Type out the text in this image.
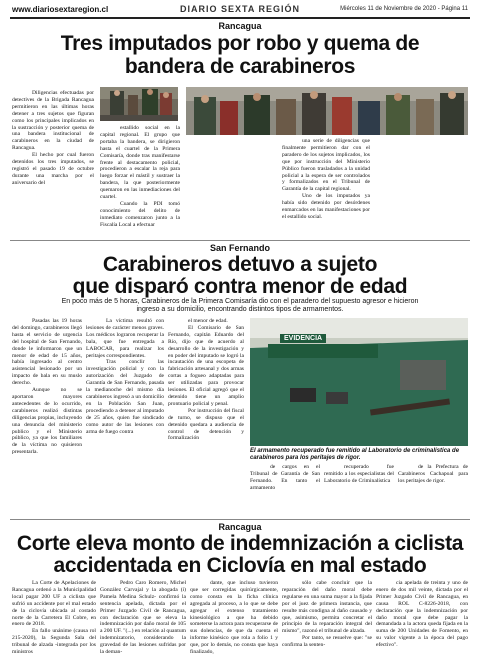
www.diariosextaregion.cl	DIARIO SEXTA REGIÓN	Miércoles 11 de Noviembre de 2020 - Página 11
Rancagua
Tres imputados por robo y quema de
bandera de carabineros

Diligencias efectuadas por detectives de la Brigada Rancagua permitieron en las últimas horas detener a tres sujetos que figuran como los principales implicados en la sustracción y posterior quema de una bandera institucional de carabineros en la ciudad de Rancagua.

El hecho por cual fueron detenidos los tres imputados, se registró el pasado 19 de octubre durante una marcha por el aniversario del

estallido social en la capital regional. El grupo que portaba la bandera, se dirigieron hasta el cuartel de la Primera Comisaría, donde tras manifestarse frente al destacamento policial, procedieron a escalar la reja para luego forzar el mástil y sustraer la bandera, la que posteriormente quemaron en las inmediaciones del cuartel.

Cuando la PDI tomó conocimiento del delito de inmediato comenzaron junto a la Fiscalía Local a efectuar

una serie de diligencias que finalmente permitieron dar con el paradero de los sujetos implicados, los que por instrucción del Ministerio Público fueron trasladados a la unidad policial a la espera de ser controlados y formalizados en el Tribunal de Garantía de la capital regional.

Uno de los imputados ya había sido detenido por desórdenes enmarcados en las manifestaciones por el estallido social.

San Fernando
Carabineros detuvo a sujeto
que disparó contra menor de edad
En poco más de 5 horas, Carabineros de la Primera Comisaría dio con el paradero del supuesto agresor e hicieron ingreso a su domicilio, encontrando distintos tipos de armamentos.

Pasadas las 19 horas del domingo, carabineros llegó hasta el servicio de urgencia del hospital de San Fernando, donde le informaron que un menor de edad de 15 años, había ingresado al centro asistencial lesionado por un impacto de bala en su muslo derecho.

Aunque no se aportaron mayores antecedentes de lo ocurrido, carabineros realizó distintas diligencias propias, incluyendo una denuncia del ministerio publico y el Ministerio público, ya que los familiares de la víctima no quisieron presentarla.

La víctima resultó con lesiones de carácter menos graves. Los médicos lograron recuperar la bala, que fue entregada a LABOCAR, para realizar los peritajes correspondientes.

Tras conclir las investigación policial y con la autorización del Juzgado de Garantía de San Fernando, pasada la medianoche del mismo día carabineros ingresó a un domicilio en la Población San Juan, procediendo a detener al imputado de 25 años, quien fue sindicado como autor de las lesiones con arma de fuego contra

el menor de edad.

El Comisario de San Fernando, capitán Eduardo del Río, dijo que de acuerdo al desarrollo de la investigación y en poder del imputado se logró la incautación de una escopeta de fabricación artesanal y dos armas cortas a fogueo adaptadas para ser utilizadas para provocar lesiones. El oficial agregó que el detenido tiene un amplio prontuario policial y penal.

Por instrucción del fiscal de turno, se dispuso que el detenido quedara a audiencia de control de detención y formalización

EVIDENCIA
El armamento recuperado fue remitido al Laboratorio de criminalística de carabineros para los peritajes de rigor.

de cargos en el Tribunal de Garantía de San Fernando. En tanto el armamento

recuperado fue remitido a los especialistas del Laboratorio de Criminalística

de la Prefectura de Carabineros Cachapoal para los peritajes de rigor.

Rancagua
Corte eleva monto de indemnización a ciclista
accidentada en Ciclovía en mal estado

La Corte de Apelaciones de Rancagua ordenó a la Municipalidad local pagar 200 UF a ciclista que sufrió un accidente por el mal estado de la ciclovía ubicada al costado norte de la Carretera El Cobre, en enero de 2018.

En fallo unánime (causa rol 215-2020), la Segunda Sala del tribunal de alzada -integrada por los ministros

Pedro Caro Romero, Michel González Carvajal y la abogada (i) Pamela Medina Schulz- confirmó la sentencia apelada, dictada por el Primer Juzgado Civil de Rancagua, con declaración que se eleva la indemnización por daño moral de 105 a 200 UF. "(...) en relación al quantum indemnizatorio, considerando la gravedad de las lesiones sufridas por la deman-

dante, que incluso tuvieron que ser corregidas quirúrgicamente, como consta en la ficha clínica agregada al proceso, a lo que se debe agregar el extenso tratamiento kinesiológico a que ha debido someterse la actora para recuperarse de sus dolencias, de que da cuenta el informe kinésico que rola a folio 1 y que, por lo demás, no consta que haya finalizado,

sólo cabe concluir que la reparación del daño moral debe regularse en una suma mayor a la fijada por el juez de primera instancia, que resulte más condigna al daño causado y que, asimismo, permita concretar el principio de la reparación integral del mismo", razonó el tribunal de alzada.

Por tanto, se resuelve que: "se confirma la senten-

cia apelada de treinta y uno de enero de dos mil veinte, dictada por el Primer Juzgado Civil de Rancagua, en causa ROL C-8226-2018, con declaración que la indemnización por daño moral que debe pagar la demandada a la actora queda fijada en la suma de 200 Unidades de Fomento, en su valor vigente a la época del pago efectivo".
